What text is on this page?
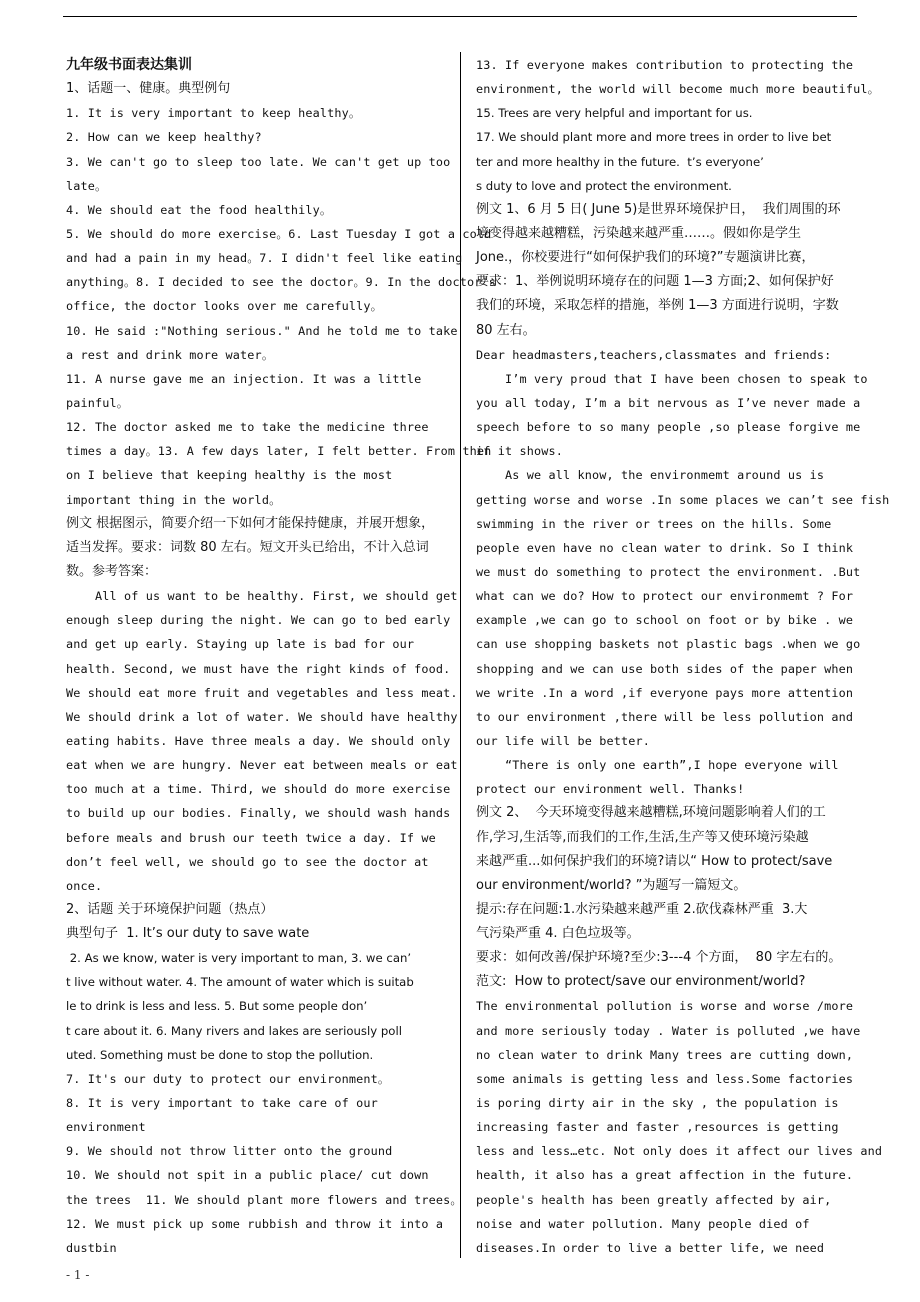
九年级书面表达集训
1、话题一、健康。典型例句
1. It is very important to keep healthy。
2. How can we keep healthy?
3. We can't go to sleep too late. We can't get up too
late。
4. We should eat the food healthily。
5. We should do more exercise。6. Last Tuesday I got a cold
and had a pain in my head。7. I didn't feel like eating
anything。8. I decided to see the doctor。9. In the doctor's
office, the doctor looks over me carefully。
10. He said :"Nothing serious." And he told me to take
a rest and drink more water。
11. A nurse gave me an injection. It was a little
painful。
12. The doctor asked me to take the medicine three
times a day。13. A few days later, I felt better. From then
on I believe that keeping healthy is the most
important thing in the world。
例文 根据图示，简要介绍一下如何才能保持健康，并展开想象，
适当发挥。要求：词数 80 左右。短文开头已给出，不计入总词
数。参考答案：
All of us want to be healthy. First, we should get
enough sleep during the night. We can go to bed early
and get up early. Staying up late is bad for our
health. Second, we must have the right kinds of food.
We should eat more fruit and vegetables and less meat.
We should drink a lot of water. We should have healthy
eating habits. Have three meals a day. We should only
eat when we are hungry. Never eat between meals or eat
too much at a time. Third, we should do more exercise
to build up our bodies. Finally, we should wash hands
before meals and brush our teeth twice a day. If we
don’t feel well, we should go to see the doctor at
once.
2、话题 关于环境保护问题（热点）
典型句子  1. It’s our duty to save wate
2. As we know, water is very important to man, 3. we can’
t live without water. 4. The amount of water which is suitab
le to drink is less and less. 5. But some people don’
t care about it. 6. Many rivers and lakes are seriously poll
uted. Something must be done to stop the pollution.
7. It's our duty to protect our environment。
8. It is very important to take care of our
environment
9. We should not throw litter onto the ground
10. We should not spit in a public place/ cut down
the trees  11. We should plant more flowers and trees。
12. We must pick up some rubbish and throw it into a
dustbin
13. If everyone makes contribution to protecting the
environment, the world will become much more beautiful。
15. Trees are very helpful and important for us.
17. We should plant more and more trees in order to live bet
ter and more healthy in the future.  t’s everyone’
s duty to love and protect the environment.
例文 1、6 月 5 日( June 5)是世界环境保护日，  我们周围的环
境变得越来越糟糕，污染越来越严重……。假如你是学生
Jone.，你校要进行“如何保护我们的环境?”专题演讲比赛，
要求：1、举例说明环境存在的问题 1—3 方面;2、如何保护好
我们的环境，采取怎样的措施，举例 1—3 方面进行说明，字数
80 左右。
Dear headmasters,teachers,classmates and friends:
I’m very proud that I have been chosen to speak to
you all today, I’m a bit nervous as I’ve never made a
speech before to so many people ,so please forgive me
if it shows.
As we all know, the environmemt around us is
getting worse and worse .In some places we can’t see fish
swimming in the river or trees on the hills. Some
people even have no clean water to drink. So I think
we must do something to protect the environment. .But
what can we do? How to protect our environmemt ? For
example ,we can go to school on foot or by bike . we
can use shopping baskets not plastic bags .when we go
shopping and we can use both sides of the paper when
we write .In a word ,if everyone pays more attention
to our environment ,there will be less pollution and
our life will be better.
“There is only one earth”,I hope everyone will
protect our environment well. Thanks!
例文 2、  今天环境变得越来越糟糕,环境问题影响着人们的工
作,学习,生活等,而我们的工作,生活,生产等又使环境污染越
来越严重...如何保护我们的环境?请以“ How to protect/save
our environment/world? ”为题写一篇短文。
提示:存在问题:1.水污染越来越严重 2.砍伐森林严重  3.大
气污染严重 4. 白色垃圾等。
要求：如何改善/保护环境?至少:3---4 个方面，  80 字左右的。
范文:  How to protect/save our environment/world?
The environmental pollution is worse and worse /more
and more seriously today . Water is polluted ,we have
no clean water to drink Many trees are cutting down,
some animals is getting less and less.Some factories
is poring dirty air in the sky , the population is
increasing faster and faster ,resources is getting
less and less…etc. Not only does it affect our lives and
health, it also has a great affection in the future.
people's health has been greatly affected by air,
noise and water pollution. Many people died of
diseases.In order to live a better life, we need
- 1 -
